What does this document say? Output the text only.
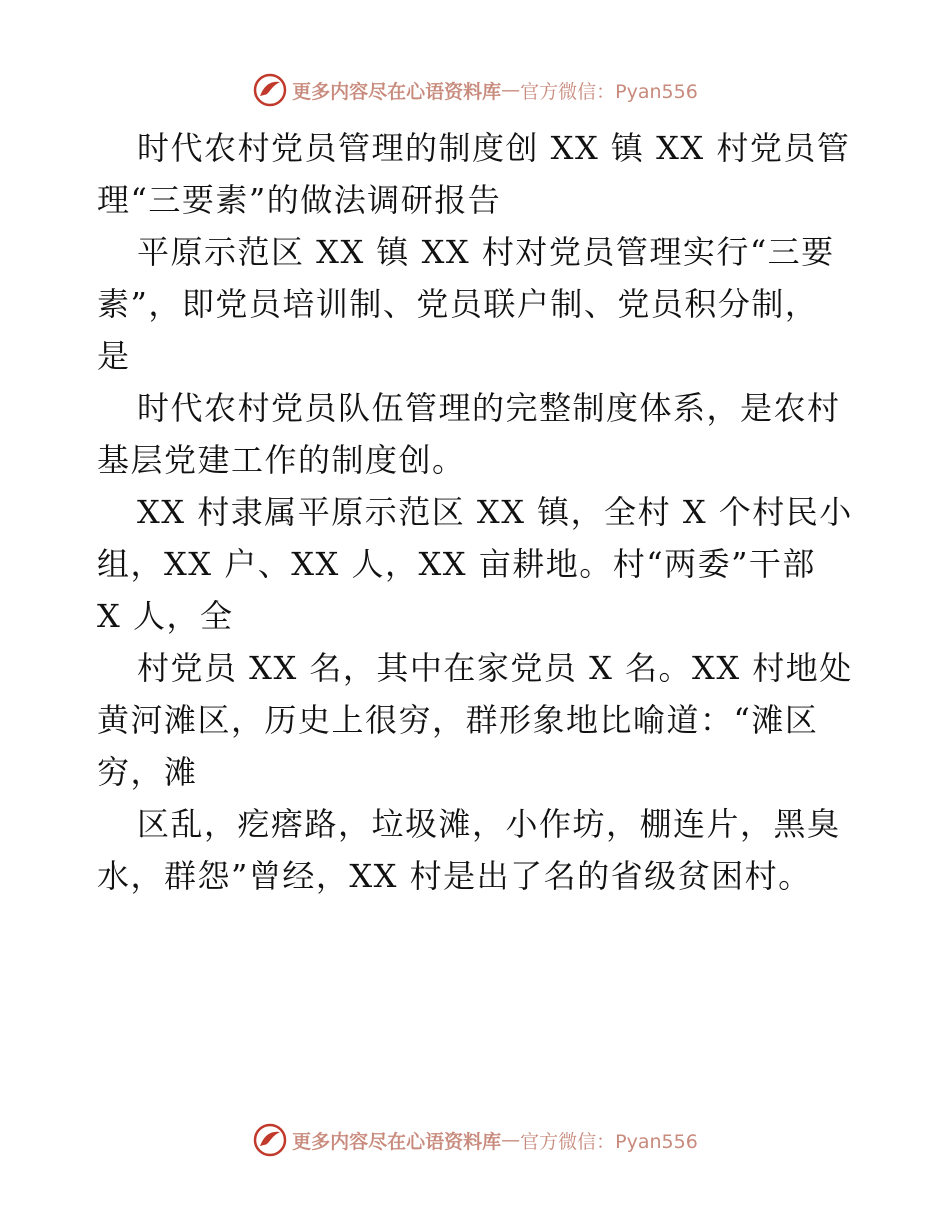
更多内容尽在心语资料库 — 官方微信：Pyan556
时代农村党员管理的制度创 XX 镇 XX 村党员管
理“三要素”的做法调研报告
平原示范区 XX 镇 XX 村对党员管理实行“三要
素”，即党员培训制、党员联户制、党员积分制，
是
时代农村党员队伍管理的完整制度体系，是农村
基层党建工作的制度创。
XX 村隶属平原示范区 XX 镇，全村 X 个村民小
组，XX 户、XX 人，XX 亩耕地。村“两委”干部
X 人，全
村党员 XX 名，其中在家党员 X 名。XX 村地处
黄河滩区，历史上很穷，群形象地比喻道：“滩区
穷，滩
区乱，疙瘩路，垃圾滩，小作坊，棚连片，黑臭
水，群怨”曾经，XX 村是出了名的省级贫困村。
更多内容尽在心语资料库 — 官方微信：Pyan556
